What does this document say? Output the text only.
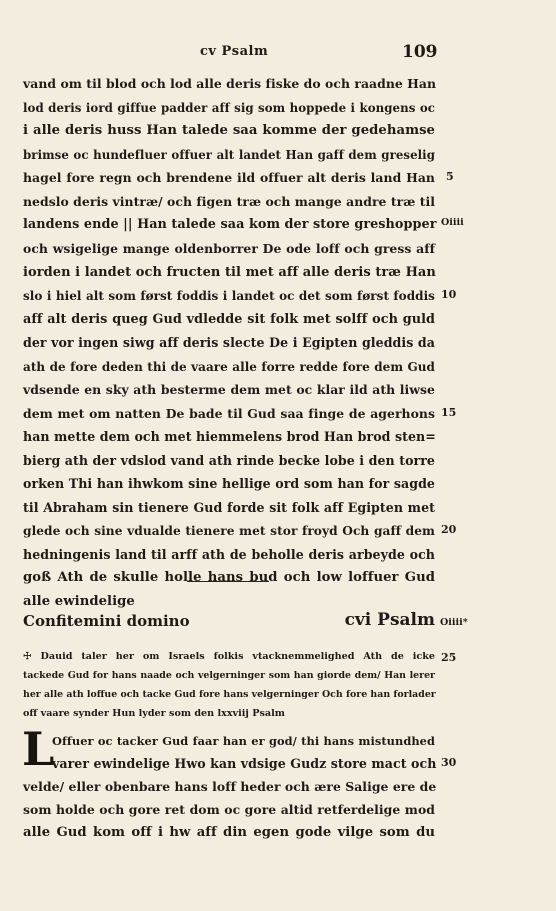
cv Psalm	109
vand om til blod och lod alle deris fiske do och raadne Han
lod deris iord giffue padder aff sig som hoppede i kongens oc
i alle deris huss Han talede saa komme der gedehamse
brimse oc hundefluer offuer alt landet Han gaff dem greselig
hagel fore regn och brendene ild offuer alt deris land Han
nedslo deris vintræ/ och figen træ och mange andre træ til
landens ende || Han talede saa kom der store greshopper
och wsigelige mange oldenborrer De ode loff och gress aff
iorden i landet och fructen til met aff alle deris træ Han
slo i hiel alt som først foddis i landet oc det som først foddis
aff alt deris queg Gud vdledde sit folk met solff och guld
der vor ingen siwg aff deris slecte De i Egipten gleddis da
ath de fore deden thi de vaare alle forre redde fore dem Gud
vdsende en sky ath besterme dem met oc klar ild ath liwse
dem met om natten De bade til Gud saa finge de agerhons
han mette dem och met hiemmelens brod Han brod sten=
bierg ath der vdslod vand ath rinde becke lobe i den torre
orken Thi han ihwkom sine hellige ord som han for sagde
til Abraham sin tienere Gud forde sit folk aff Egipten met
glede och sine vdualde tienere met stor froyd Och gaff dem
hedningenis land til arff ath de beholle deris arbeyde och
goß Ath de skulle holle hans bud och low loffuer Gud
alle ewindelige
5
Oiiii
10
15
20
Confitemini domino	cvi Psalm Oiiii*
☩ Dauid taler her om Israels folkis vtacknemmelighed Ath de icke
tackede Gud for hans naade och velgerninger som han giorde dem/ Han lerer
her alle ath loffue och tacke Gud fore hans velgerninger Och fore han forlader
off vaare synder Hun lyder som den lxxviij Psalm
25
L
Offuer oc tacker Gud faar han er god/ thi hans mistundhed
varer ewindelige Hwo kan vdsige Gudz store mact och
velde/ eller obenbare hans loff heder och ære Salige ere de
som holde och gore ret dom oc gore altid retferdelige mod
alle Gud kom off i hw aff din egen gode vilge som du
30
